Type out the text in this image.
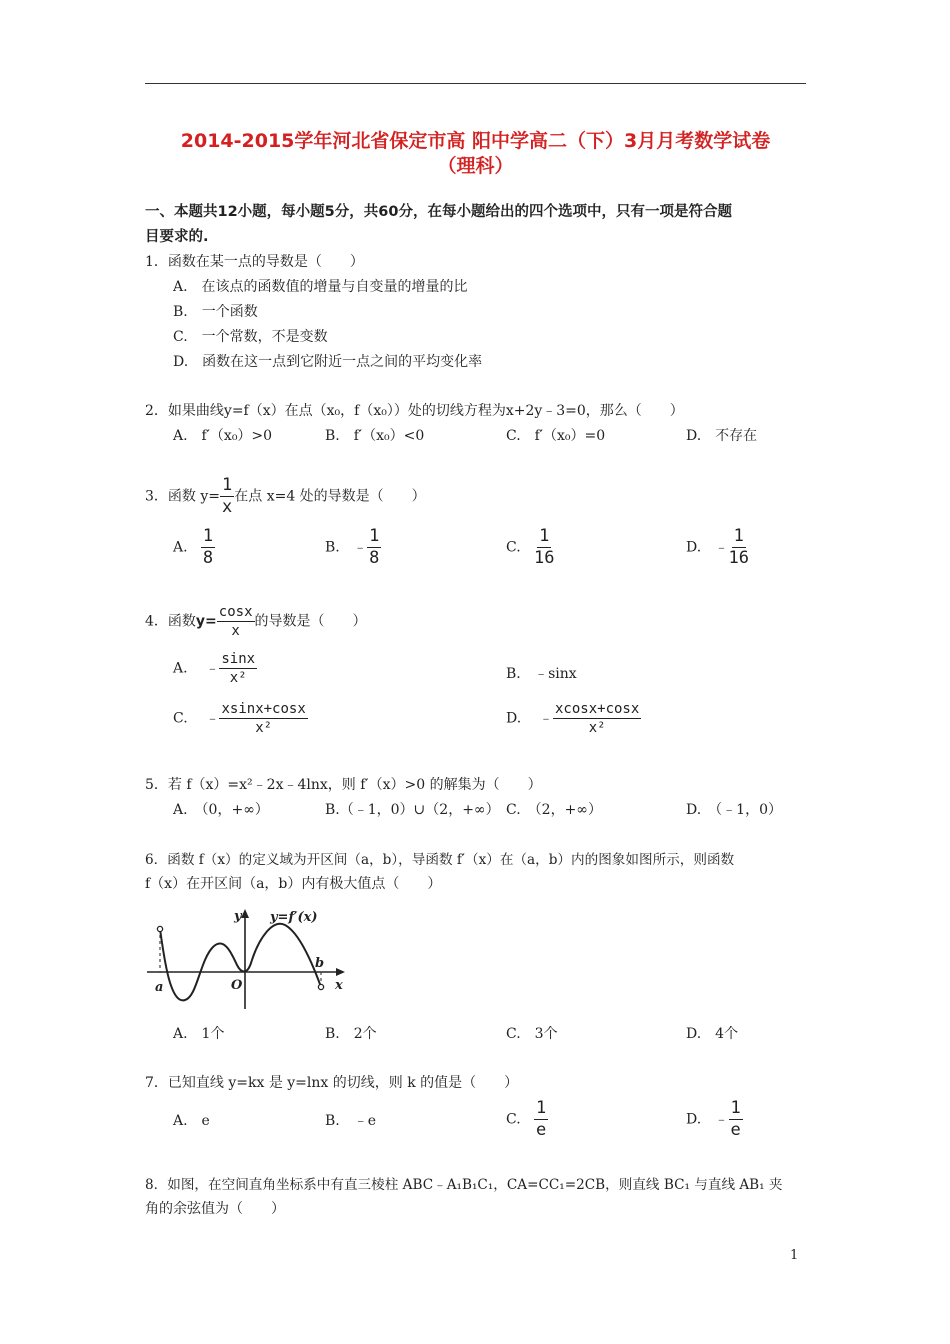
2014-2015学年河北省保定市高 阳中学高二（下）3月月考数学试卷
（理科）
一、本题共12小题，每小题5分，共60分，在每小题给出的四个选项中，只有一项是符合题
目要求的.
1．函数在某一点的导数是（　　）
A.　在该点的函数值的增量与自变量的增量的比
B.　一个函数
C.　一个常数，不是变数
D.　函数在这一点到它附近一点之间的平均变化率
2．如果曲线y=f（x）在点（x₀，f（x₀））处的切线方程为x+2y﹣3=0，那么（　　）
A.　f′（x₀）>0	B.　f′（x₀）<0	C.　f′（x₀）=0	D.　不存在
3．函数 $y= \frac{1}{x}$ 在点 x=4 处的导数是（　　）
A. $\frac{1}{8}$	B. ﹣ $\frac{1}{8}$	C. $\frac{1}{16}$	D. ﹣ $\frac{1}{16}$
4．函数$y= \frac{\cos x}{x}$ 的导数是（　　）
A. ﹣ $\frac{\sin x}{\text{x²}}$	B. ﹣sinx
C. ﹣ $\frac{xsinx+\cos x}{\text{x²}}$	D. ﹣ $\frac{xcosx+\cos x}{\text{x²}}$
5．若 f（x）=x²﹣2x﹣4lnx，则 f′（x）>0 的解集为（　　）
A.　（0，+∞）	B.（﹣1，0）∪（2，+∞） C.　（2，+∞）	D.　（﹣1，0）
6．函数 f（x）的定义域为开区间（a，b），导函数 f′（x）在（a，b）内的图象如图所示，则函数
f（x）在开区间（a，b）内有极大值点（　　）
y y=f′(x)
a	O
b
x
A.　1个	B.　2个	C.　3个	D.　4个
7．已知直线 y=kx 是 y=lnx 的切线，则 k 的值是（　　）
A.　e	B.　﹣e	C. $\frac{1}{e}$	D. ﹣ $\frac{1}{e}$
8．如图，在空间直角坐标系中有直三棱柱 ABC﹣A₁B₁C₁，CA=CC₁=2CB，则直线 BC₁ 与直线 AB₁ 夹
角的余弦值为（　　）
1
